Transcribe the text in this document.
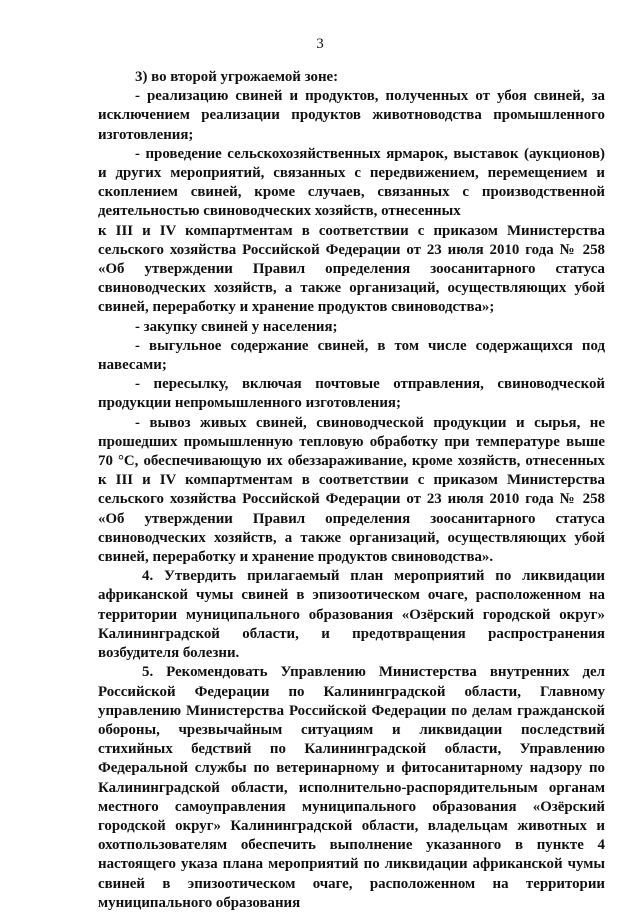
3

3) во второй угрожаемой зоне:

- реализацию свиней и продуктов, полученных от убоя свиней, за исключением реализации продуктов животноводства промышленного изготовления;

- проведение сельскохозяйственных ярмарок, выставок (аукционов) и других мероприятий, связанных с передвижением, перемещением и скоплением свиней, кроме случаев, связанных с производственной деятельностью свиноводческих хозяйств, отнесенных

к III и IV компартментам в соответствии с приказом Министерства сельского хозяйства Российской Федерации от 23 июля 2010 года № 258 «Об утверждении Правил определения зоосанитарного статуса свиноводческих хозяйств, а также организаций, осуществляющих убой свиней, переработку и хранение продуктов свиноводства»;

- закупку свиней у населения;

- выгульное содержание свиней, в том числе содержащихся под навесами;

- пересылку, включая почтовые отправления, свиноводческой продукции непромышленного изготовления;

- вывоз живых свиней, свиноводческой продукции и сырья, не прошедших промышленную тепловую обработку при температуре выше 70 °С, обеспечивающую их обеззараживание, кроме хозяйств, отнесенных к III и IV компартментам в соответствии с приказом Министерства сельского хозяйства Российской Федерации от 23 июля 2010 года № 258 «Об утверждении Правил определения зоосанитарного статуса свиноводческих хозяйств, а также организаций, осуществляющих убой свиней, переработку и хранение продуктов свиноводства».

4. Утвердить прилагаемый план мероприятий по ликвидации африканской чумы свиней в эпизоотическом очаге, расположенном на территории муниципального образования «Озёрский городской округ» Калининградской области, и предотвращения распространения возбудителя болезни.

5. Рекомендовать Управлению Министерства внутренних дел Российской Федерации по Калининградской области, Главному управлению Министерства Российской Федерации по делам гражданской обороны, чрезвычайным ситуациям и ликвидации последствий стихийных бедствий по Калининградской области, Управлению Федеральной службы по ветеринарному и фитосанитарному надзору по Калининградской области, исполнительно-распорядительным органам местного самоуправления муниципального образования «Озёрский городской округ» Калининградской области, владельцам животных и охотпользователям обеспечить выполнение указанного в пункте 4 настоящего указа плана мероприятий по ликвидации африканской чумы свиней в эпизоотическом очаге, расположенном на территории муниципального образования
